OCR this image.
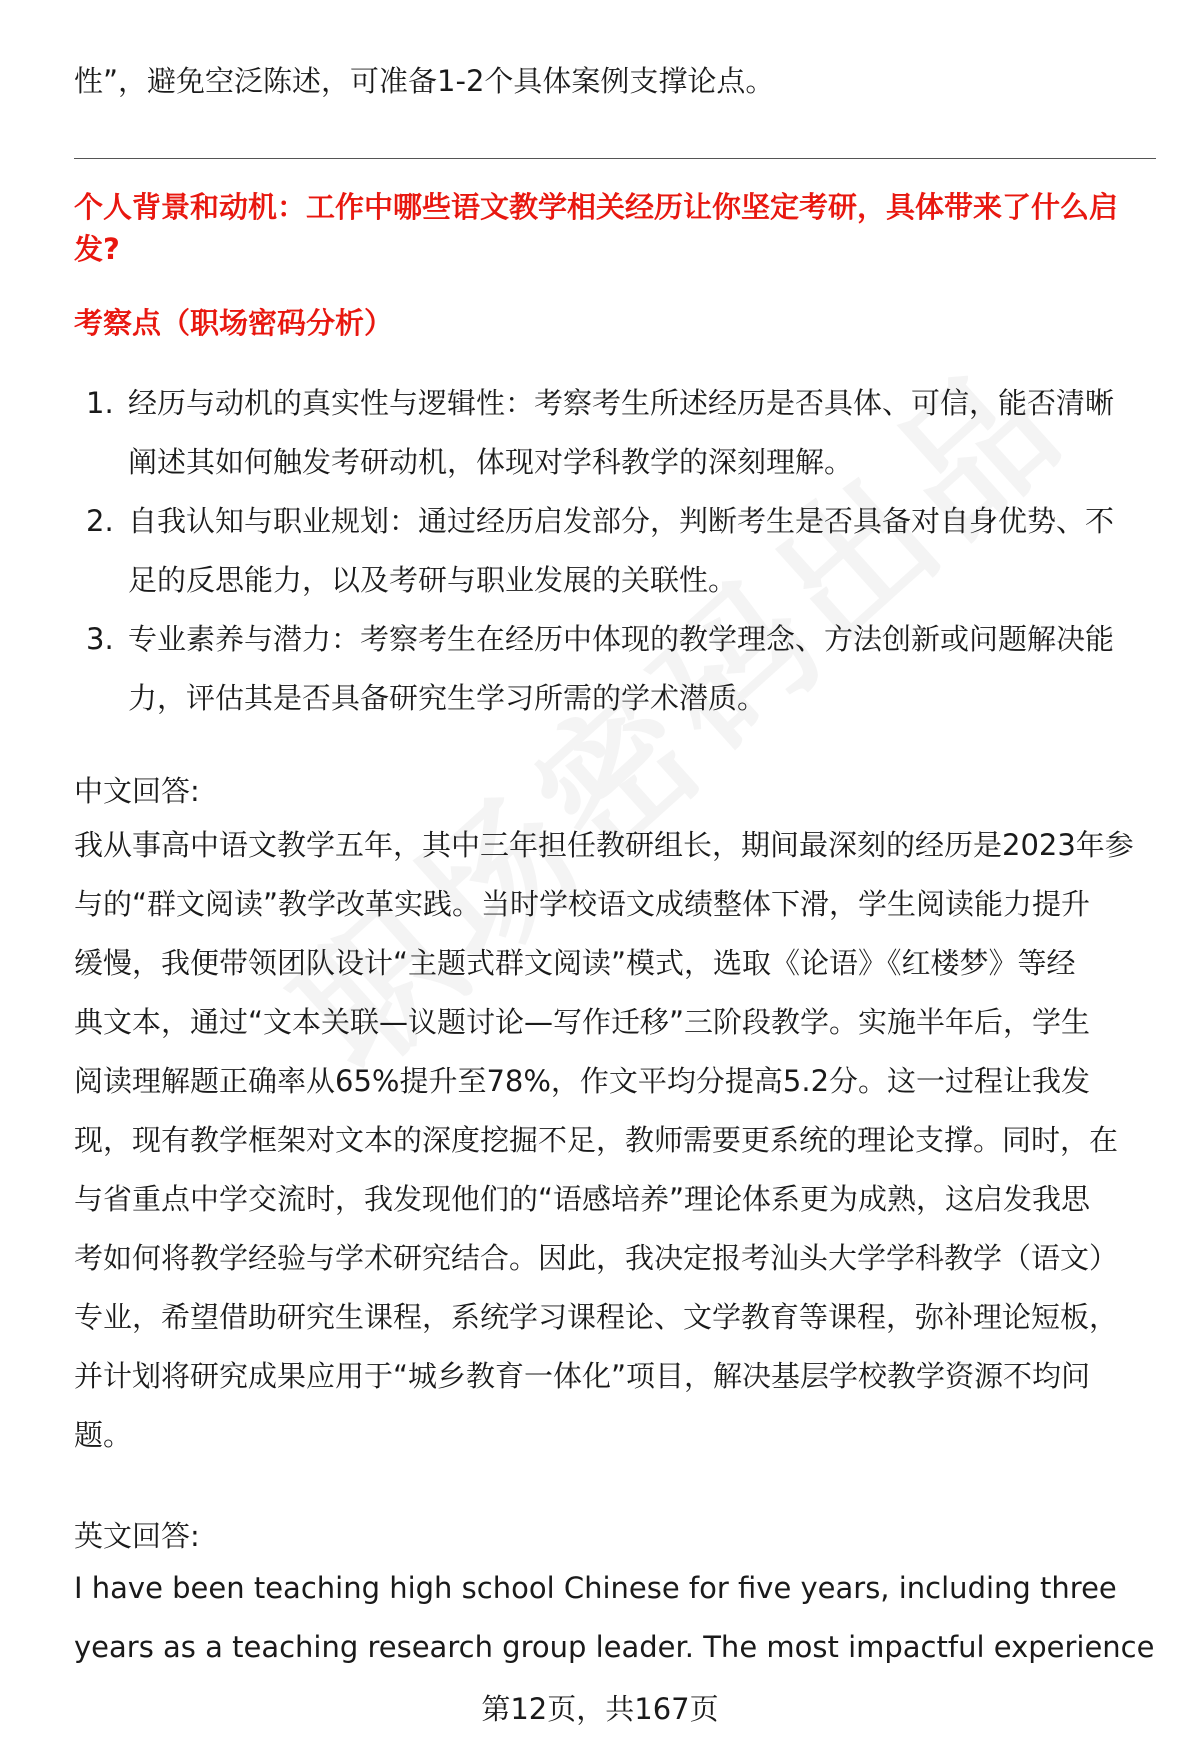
性”，避免空泛陈述，可准备1-2个具体案例支撑论点。
个人背景和动机：工作中哪些语文教学相关经历让你坚定考研，具体带来了什么启
发?
考察点（职场密码分析）
1. 经历与动机的真实性与逻辑性：考察考生所述经历是否具体、可信，能否清晰
阐述其如何触发考研动机，体现对学科教学的深刻理解。
2. 自我认知与职业规划：通过经历启发部分，判断考生是否具备对自身优势、不
足的反思能力，以及考研与职业发展的关联性。
3. 专业素养与潜力：考察考生在经历中体现的教学理念、方法创新或问题解决能
力，评估其是否具备研究生学习所需的学术潜质。
中文回答:
我从事高中语文教学五年，其中三年担任教研组长，期间最深刻的经历是2023年参
与的“群文阅读”教学改革实践。当时学校语文成绩整体下滑，学生阅读能力提升
缓慢，我便带领团队设计“主题式群文阅读”模式，选取《论语》《红楼梦》等经
典文本，通过“文本关联—议题讨论—写作迁移”三阶段教学。实施半年后，学生
阅读理解题正确率从65%提升至78%，作文平均分提高5.2分。这一过程让我发
现，现有教学框架对文本的深度挖掘不足，教师需要更系统的理论支撑。同时，在
与省重点中学交流时，我发现他们的“语感培养”理论体系更为成熟，这启发我思
考如何将教学经验与学术研究结合。因此，我决定报考汕头大学学科教学（语文）
专业，希望借助研究生课程，系统学习课程论、文学教育等课程，弥补理论短板，
并计划将研究成果应用于“城乡教育一体化”项目，解决基层学校教学资源不均问
题。
英文回答:
I have been teaching high school Chinese for five years, including three
years as a teaching research group leader. The most impactful experience
第12页，共167页
